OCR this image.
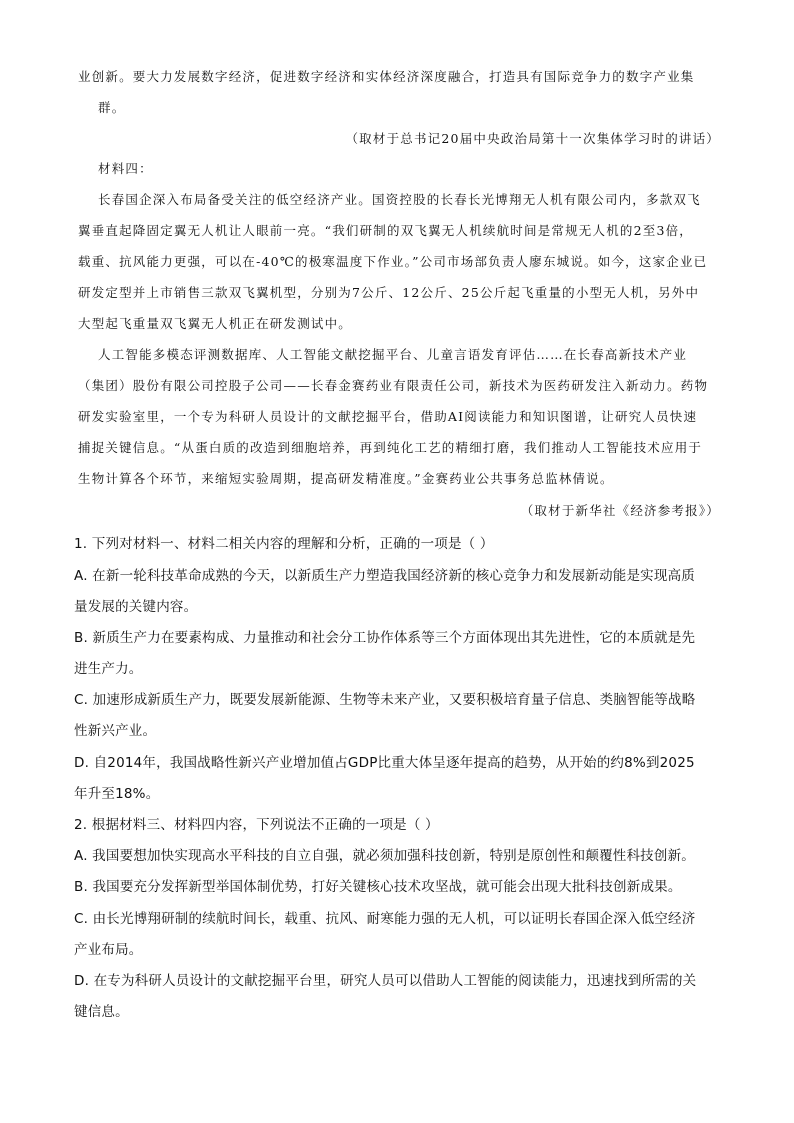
业创新。要大力发展数字经济，促进数字经济和实体经济深度融合，打造具有国际竞争力的数字产业集
群。
（取材于总书记20届中央政治局第十一次集体学习时的讲话）
材料四：
长春国企深入布局备受关注的低空经济产业。国资控股的长春长光博翔无人机有限公司内，多款双飞
翼垂直起降固定翼无人机让人眼前一亮。“我们研制的双飞翼无人机续航时间是常规无人机的2至3倍，
载重、抗风能力更强，可以在-40℃的极寒温度下作业。”公司市场部负责人廖东城说。如今，这家企业已
研发定型并上市销售三款双飞翼机型，分别为7公斤、12公斤、25公斤起飞重量的小型无人机，另外中
大型起飞重量双飞翼无人机正在研发测试中。
人工智能多模态评测数据库、人工智能文献挖掘平台、儿童言语发育评估……在长春高新技术产业
（集团）股份有限公司控股子公司——长春金赛药业有限责任公司，新技术为医药研发注入新动力。药物
研发实验室里，一个专为科研人员设计的文献挖掘平台，借助AI阅读能力和知识图谱，让研究人员快速
捕捉关键信息。“从蛋白质的改造到细胞培养，再到纯化工艺的精细打磨，我们推动人工智能技术应用于
生物计算各个环节，来缩短实验周期，提高研发精准度。”金赛药业公共事务总监林倩说。
（取材于新华社《经济参考报》）
1. 下列对材料一、材料二相关内容的理解和分析，正确的一项是（ ）
A. 在新一轮科技革命成熟的今天，以新质生产力塑造我国经济新的核心竞争力和发展新动能是实现高质
量发展的关键内容。
B. 新质生产力在要素构成、力量推动和社会分工协作体系等三个方面体现出其先进性，它的本质就是先
进生产力。
C. 加速形成新质生产力，既要发展新能源、生物等未来产业，又要积极培育量子信息、类脑智能等战略
性新兴产业。
D. 自2014年，我国战略性新兴产业增加值占GDP比重大体呈逐年提高的趋势，从开始的约8%到2025
年升至18%。
2. 根据材料三、材料四内容，下列说法不正确的一项是（ ）
A. 我国要想加快实现高水平科技的自立自强，就必须加强科技创新，特别是原创性和颠覆性科技创新。
B. 我国要充分发挥新型举国体制优势，打好关键核心技术攻坚战，就可能会出现大批科技创新成果。
C. 由长光博翔研制的续航时间长，载重、抗风、耐寒能力强的无人机，可以证明长春国企深入低空经济
产业布局。
D. 在专为科研人员设计的文献挖掘平台里，研究人员可以借助人工智能的阅读能力，迅速找到所需的关
键信息。
